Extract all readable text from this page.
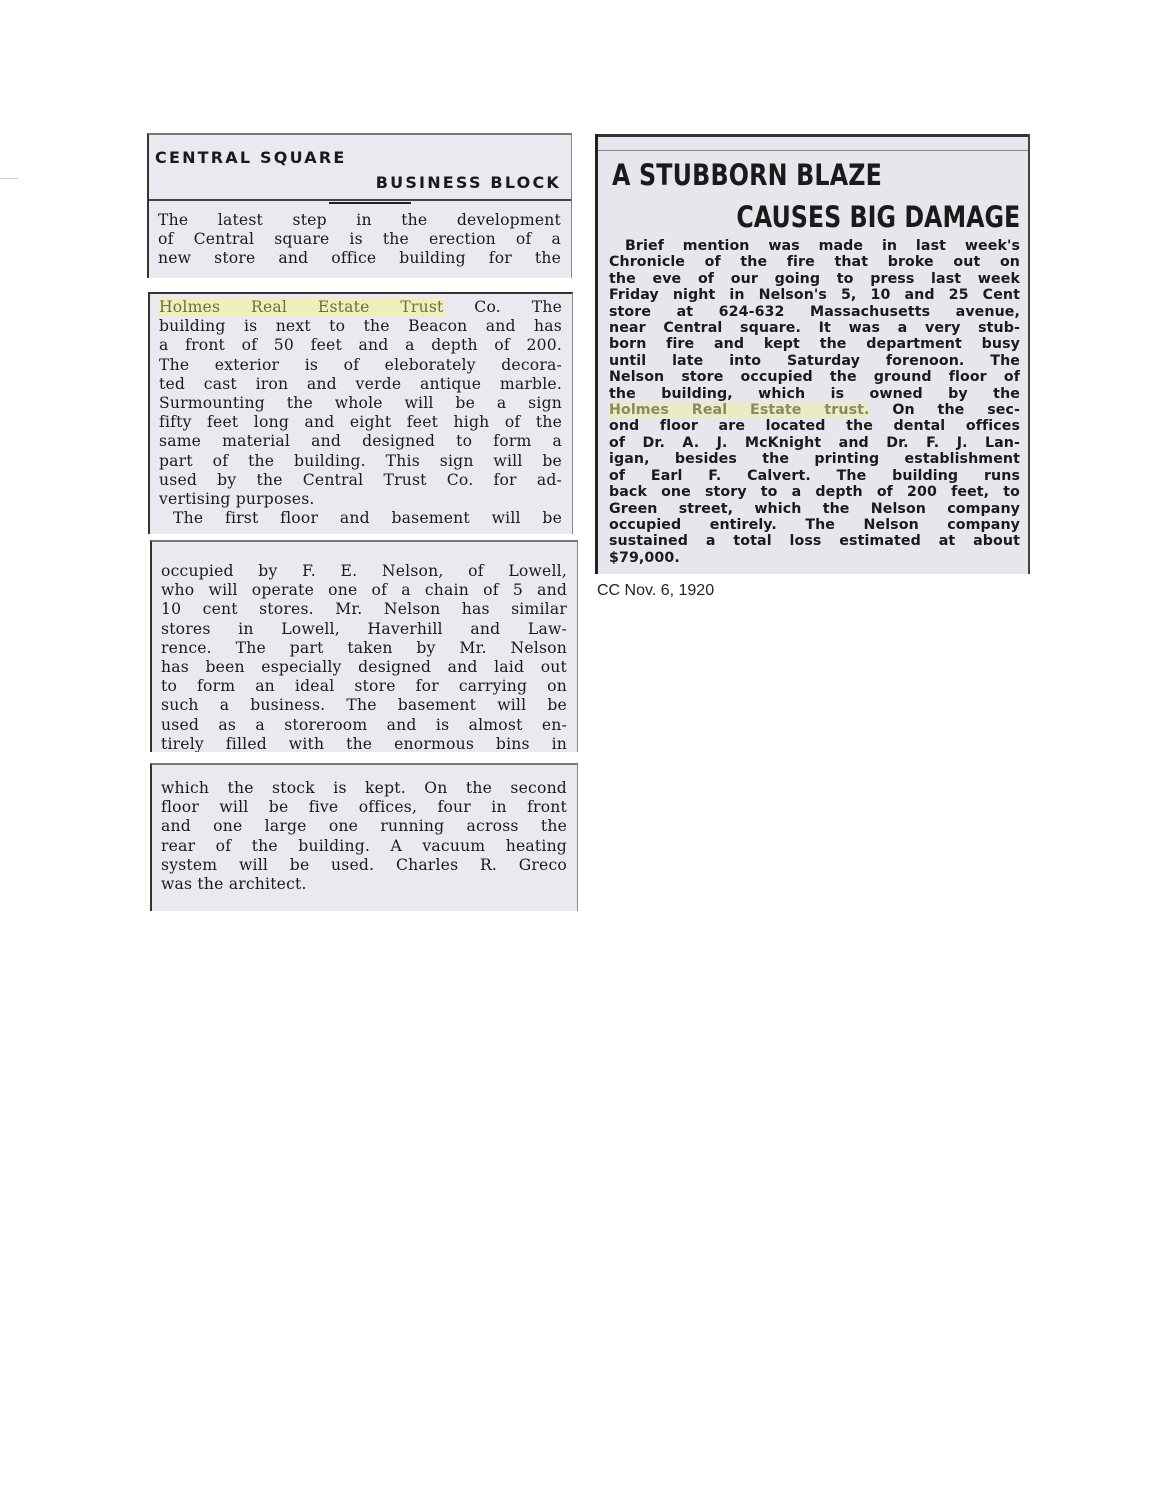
CENTRAL SQUARE
BUSINESS BLOCK
The latest step in the development
of Central square is the erection of a
new store and office building for the
Holmes Real Estate Trust Co. The
building is next to the Beacon and has
a front of 50 feet and a depth of 200.
The exterior is of eleborately decora-
ted cast iron and verde antique marble.
Surmounting the whole will be a sign
fifty feet long and eight feet high of the
same material and designed to form a
part of the building. This sign will be
used by the Central Trust Co. for ad-
vertising purposes.
The first floor and basement will be
occupied by F. E. Nelson, of Lowell,
who will operate one of a chain of 5 and
10 cent stores. Mr. Nelson has similar
stores in Lowell, Haverhill and Law-
rence. The part taken by Mr. Nelson
has been especially designed and laid out
to form an ideal store for carrying on
such a business. The basement will be
used as a storeroom and is almost en-
tirely filled with the enormous bins in
which the stock is kept. On the second
floor will be five offices, four in front
and one large one running across the
rear of the building. A vacuum heating
system will be used. Charles R. Greco
was the architect.
A STUBBORN BLAZE
CAUSES BIG DAMAGE
Brief mention was made in last week's
Chronicle of the fire that broke out on
the eve of our going to press last week
Friday night in Nelson's 5, 10 and 25 Cent
store at 624-632 Massachusetts avenue,
near Central square. It was a very stub-
born fire and kept the department busy
until late into Saturday forenoon. The
Nelson store occupied the ground floor of
the building, which is owned by the
Holmes Real Estate trust. On the sec-
ond floor are located the dental offices
of Dr. A. J. McKnight and Dr. F. J. Lan-
igan, besides the printing establishment
of Earl F. Calvert. The building runs
back one story to a depth of 200 feet, to
Green street, which the Nelson company
occupied entirely. The Nelson company
sustained a total loss estimated at about
$79,000.
CC Nov. 6, 1920
